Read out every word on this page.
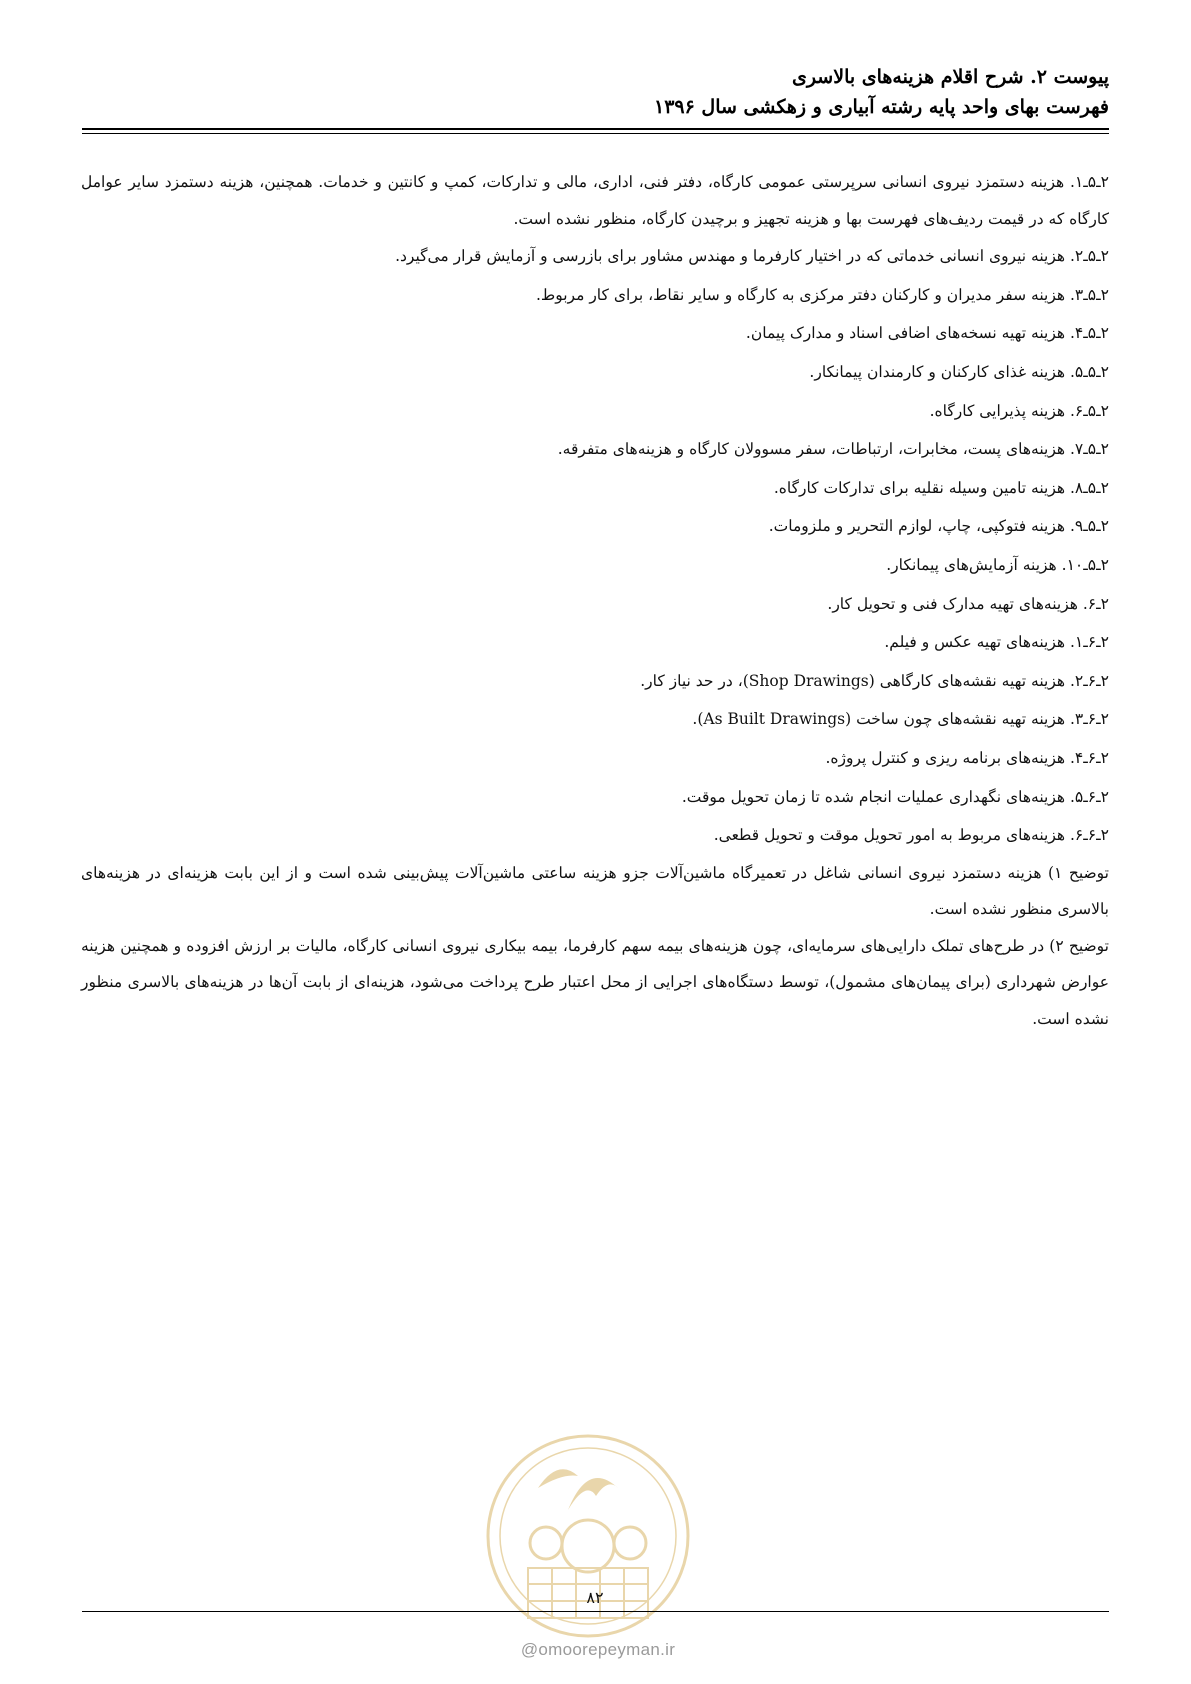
پیوست ۲. شرح اقلام هزینه‌های بالاسری
فهرست بهای واحد پایه رشته آبیاری و زهکشی سال ۱۳۹۶

۲ـ۵ـ۱. هزینه دستمزد نیروی انسانی سرپرستی عمومی کارگاه، دفتر فنی، اداری، مالی و تدارکات، کمپ و کانتین و خدمات. همچنین، هزینه دستمزد سایر عوامل کارگاه که در قیمت ردیف‌های فهرست بها و هزینه تجهیز و برچیدن کارگاه، منظور نشده است.

۲ـ۵ـ۲. هزینه نیروی انسانی خدماتی که در اختیار کارفرما و مهندس مشاور برای بازرسی و آزمایش قرار می‌گیرد.

۲ـ۵ـ۳. هزینه سفر مدیران و کارکنان دفتر مرکزی به کارگاه و سایر نقاط، برای کار مربوط.

۲ـ۵ـ۴. هزینه تهیه نسخه‌های اضافی اسناد و مدارک پیمان.

۲ـ۵ـ۵. هزینه غذای کارکنان و کارمندان پیمانکار.

۲ـ۵ـ۶. هزینه پذیرایی کارگاه.

۲ـ۵ـ۷. هزینه‌های پست، مخابرات، ارتباطات، سفر مسوولان کارگاه و هزینه‌های متفرقه.

۲ـ۵ـ۸. هزینه تامین وسیله نقلیه برای تدارکات کارگاه.

۲ـ۵ـ۹. هزینه فتوکپی، چاپ، لوازم التحریر و ملزومات.

۲ـ۵ـ۱۰. هزینه آزمایش‌های پیمانکار.

۲ـ۶. هزینه‌های تهیه مدارک فنی و تحویل کار.

۲ـ۶ـ۱. هزینه‌های تهیه عکس و فیلم.

۲ـ۶ـ۲. هزینه تهیه نقشه‌های کارگاهی (Shop Drawings)، در حد نیاز کار.

۲ـ۶ـ۳. هزینه تهیه نقشه‌های چون ساخت (As Built Drawings).

۲ـ۶ـ۴. هزینه‌های برنامه ریزی و کنترل پروژه.

۲ـ۶ـ۵. هزینه‌های نگهداری عملیات انجام شده تا زمان تحویل موقت.

۲ـ۶ـ۶. هزینه‌های مربوط به امور تحویل موقت و تحویل قطعی.

توضیح ۱) هزینه دستمزد نیروی انسانی شاغل در تعمیرگاه ماشین‌آلات جزو هزینه ساعتی ماشین‌آلات پیش‌بینی شده است و از این بابت هزینه‌ای در هزینه‌های بالاسری منظور نشده است.

توضیح ۲) در طرح‌های تملک دارایی‌های سرمایه‌ای، چون هزینه‌های بیمه سهم کارفرما، بیمه بیکاری نیروی انسانی کارگاه، مالیات بر ارزش افزوده و همچنین هزینه عوارض شهرداری (برای پیمان‌های مشمول)، توسط دستگاه‌های اجرایی از محل اعتبار طرح پرداخت می‌شود، هزینه‌ای از بابت آن‌ها در هزینه‌های بالاسری منظور نشده است.

۸۲
@omoorepeyman.ir
